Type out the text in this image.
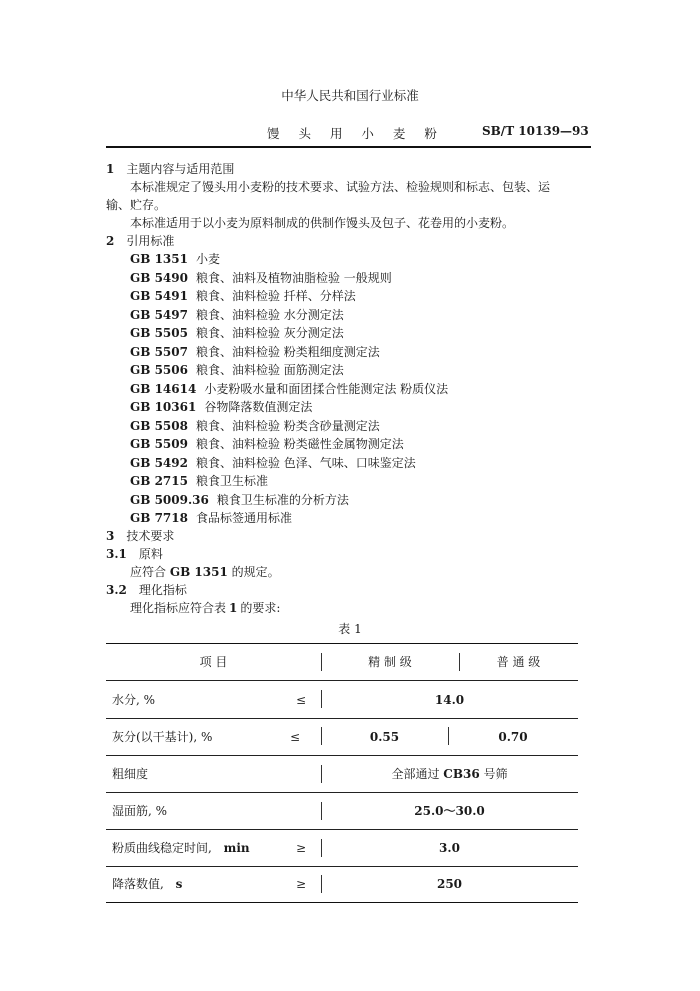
中华人民共和国行业标准
馒 头 用 小 麦 粉	SB/T 10139—93
1 主题内容与适用范围
本标准规定了馒头用小麦粉的技术要求、试验方法、检验规则和标志、包装、运
输、贮存。
本标准适用于以小麦为原料制成的供制作馒头及包子、花卷用的小麦粉。
2 引用标准
GB 1351 小麦
GB 5490 粮食、油料及植物油脂检验 一般规则
GB 5491 粮食、油料检验 扦样、分样法
GB 5497 粮食、油料检验 水分测定法
GB 5505 粮食、油料检验 灰分测定法
GB 5507 粮食、油料检验 粉类粗细度测定法
GB 5506 粮食、油料检验 面筋测定法
GB 14614 小麦粉吸水量和面团揉合性能测定法 粉质仪法
GB 10361 谷物降落数值测定法
GB 5508 粮食、油料检验 粉类含砂量测定法
GB 5509 粮食、油料检验 粉类磁性金属物测定法
GB 5492 粮食、油料检验 色泽、气味、口味鉴定法
GB 2715 粮食卫生标准
GB 5009.36 粮食卫生标准的分析方法
GB 7718 食品标签通用标准
3 技术要求
3.1 原料
应符合 GB 1351 的规定。
3.2 理化指标
理化指标应符合表 1 的要求:
表 1
项 目	精 制 级	普 通 级
水分, %	≤	14.0
灰分(以干基计), %	≤	0.55	0.70
粗细度	全部通过 CB36 号筛
湿面筋, %	25.0～30.0
粉质曲线稳定时间, min	≥	3.0
降落数值, s	≥	250
